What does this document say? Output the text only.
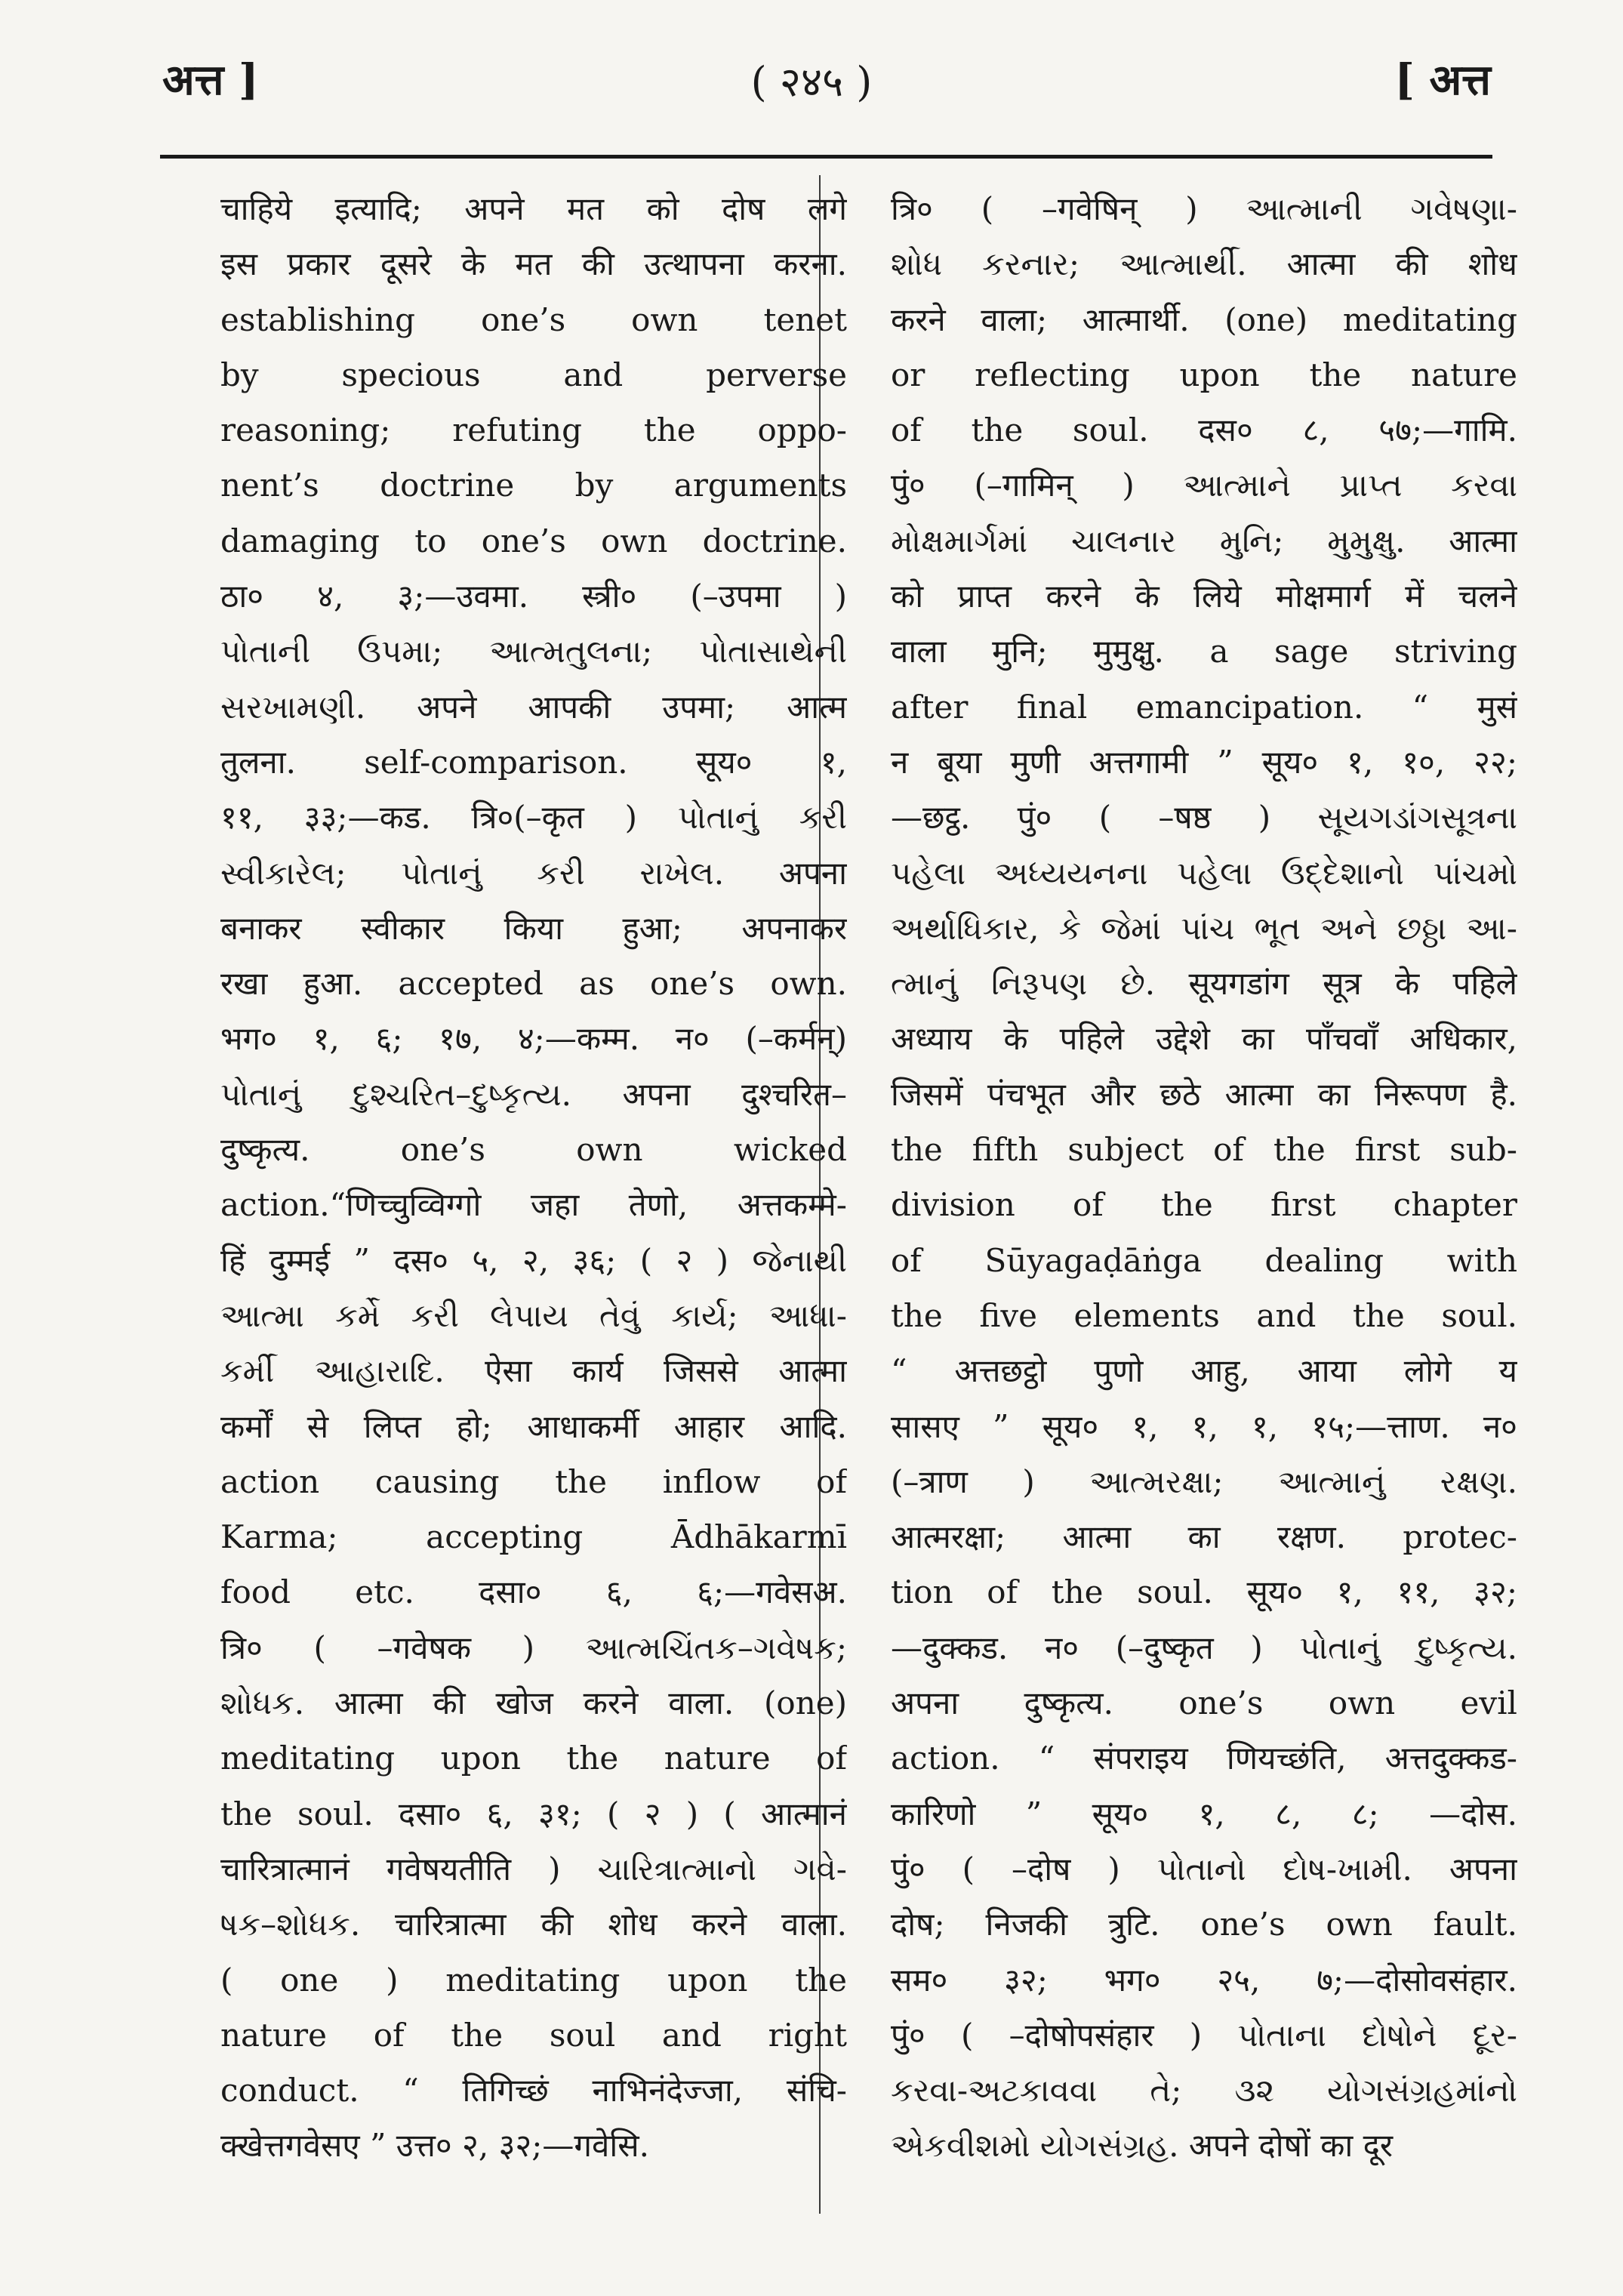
अत्त ]	( २४५ )	[ अत्त
चाहिये इत्यादि; अपने मत को दोष लगे
इस प्रकार दूसरे के मत की उत्थापना करना.
establishing one’s own tenet
by specious and perverse
reasoning; refuting the oppo-
nent’s doctrine by arguments
damaging to one’s own doctrine.
ठा० ४, ३;—उवमा. स्त्री० (–उपमा )
પોતાની ઉપમા; આત્મતુલના; પોતાસાથેની
સરખામણી. अपने आपकी उपमा; आत्म
तुलना. self-comparison. सूय० १,
११, ३३;—कड. त्रि०(–कृत ) પોતાનું કરી
સ્વીકારેલ; પોતાનું કરી રાખેલ. अपना
बनाकर स्वीकार किया हुआ; अपनाकर
रखा हुआ. accepted as one’s own.
भग० १, ६; १७, ४;—कम्म. न० (–कर्मन्)
પોતાનું દુશ્ચરિત–દુષ્કૃત્ય. अपना दुश्चरित–
दुष्कृत्य. one’s own wicked
action.“णिच्चुव्विग्गो जहा तेणो, अत्तकम्मे-
हिं दुम्मई ” दस० ५, २, ३६; ( २ ) જેનાથી
આત્મા કર્મે કરી લેપાય તેવું કાર્ય; આધા-
કર્મી આહારાદિ. ऐसा कार्य जिससे आत्मा
कर्मों से लिप्त हो; आधाकर्मी आहार आदि.
action causing the inflow of
Karma; accepting Ādhākarmī
food etc. दसा० ६, ६;—गवेसअ.
त्रि० ( –गवेषक ) આત્મચિંતક–ગવેષક;
શોધક. आत्मा की खोज करने वाला. (one)
meditating upon the nature of
the soul. दसा० ६, ३१; ( २ ) ( आत्मानं
चारित्रात्मानं गवेषयतीति ) ચારિત્રાત્માનો ગવે-
ષક–શોધક. चारित्रात्मा की शोध करने वाला.
( one ) meditating upon the
nature of the soul and right
conduct. “ तिगिच्छं नाभिनंदेज्जा, संचि-
क्खेत्तगवेसए ” उत्त० २, ३२;—गवेसि.
त्रि० ( –गवेषिन् ) આત્માની ગવેષણા-
શોધ કરનાર; આત્માર્થી. आत्मा की शोध
करने वाला; आत्मार्थी. (one) meditating
or reflecting upon the nature
of the soul. दस० ८, ५७;—गामि.
पुं० (–गामिन् ) આત્માને પ્રાપ્ત કરવા
મોક્ષમાર્ગમાં ચાલનાર મુનિ; મુમુક્ષુ. आत्मा
को प्राप्त करने के लिये मोक्षमार्ग में चलने
वाला मुनि; मुमुक्षु. a sage striving
after final emancipation. “ मुसं
न बूया मुणी अत्तगामी ” सूय० १, १०, २२;
—छट्ठ. पुं० ( –षष्ठ ) સૂયગડાંગસૂત્રના
પહેલા અધ્યયનના પહેલા ઉદ્દેશાનો પાંચમો
અર્થાધિકાર, કે જેમાં પાંચ ભૂત અને છઠ્ઠા આ-
ત્માનું નિરૂપણ છે. सूयगडांग सूत्र के पहिले
अध्याय के पहिले उद्देशे का पाँचवाँ अधिकार,
जिसमें पंचभूत और छठे आत्मा का निरूपण है.
the fifth subject of the first sub-
division of the first chapter
of Sūyagaḍāṅga dealing with
the five elements and the soul.
“ अत्तछट्ठो पुणो आहु, आया लोगे य
सासए ” सूय० १, १, १, १५;—त्ताण. न०
(–त्राण ) આત્મરક્ષા; આત્માનું રક્ષણ.
आत्मरक्षा; आत्मा का रक्षण. protec-
tion of the soul. सूय० १, ११, ३२;
—दुक्कड. न० (–दुष्कृत ) પોતાનું દુષ્કૃત્ય.
अपना दुष्कृत्य. one’s own evil
action. “ संपराइय णियच्छंति, अत्तदुक्कड-
कारिणो ” सूय० १, ८, ८; —दोस.
पुं० ( –दोष ) પોતાનો દોષ-ખામી. अपना
दोष; निजकी त्रुटि. one’s own fault.
सम० ३२; भग० २५, ७;—दोसोवसंहार.
पुं० ( –दोषोपसंहार ) પોતાના દોષોને દૂર-
કરવા-અટકાવવા તે; ૩૨ યોગસંગ્રહમાંનો
એકવીશમો યોગસંગ્રહ. अपने दोषों का दूर
